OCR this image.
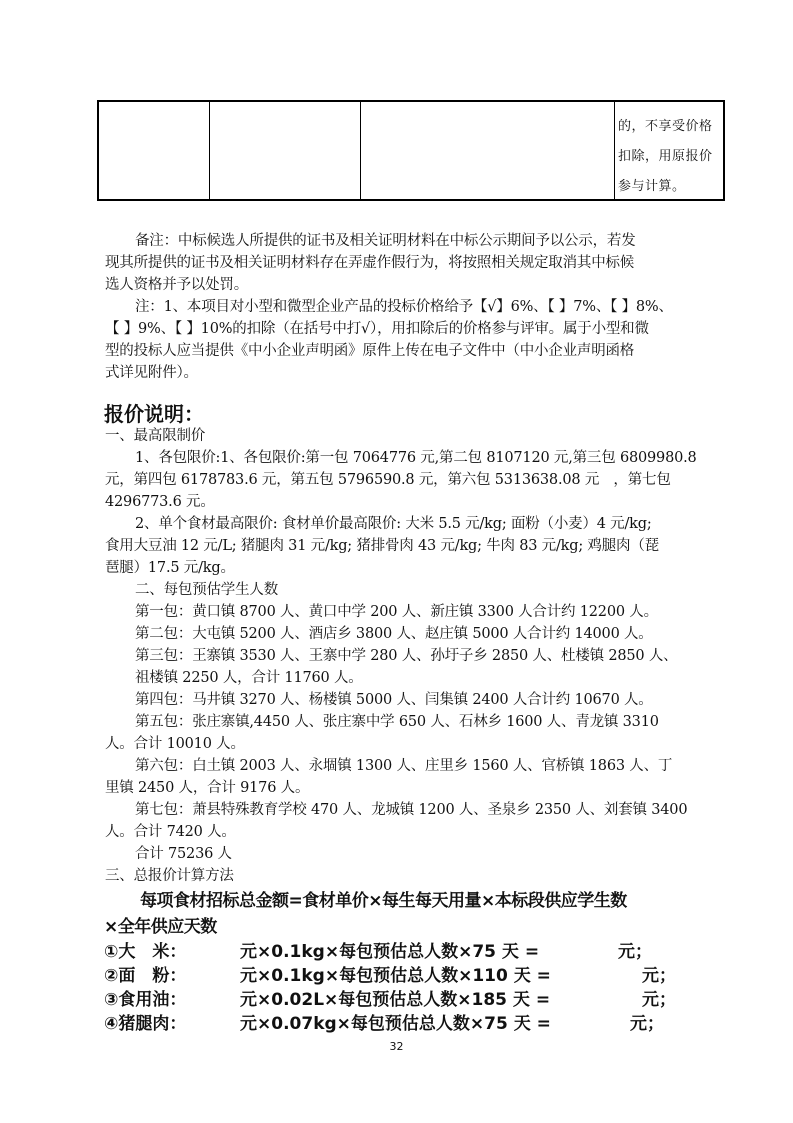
的，不享受价格
扣除，用原报价
参与计算。
备注：中标候选人所提供的证书及相关证明材料在中标公示期间予以公示，若发
现其所提供的证书及相关证明材料存在弄虚作假行为，将按照相关规定取消其中标候
选人资格并予以处罚。
注：1、本项目对小型和微型企业产品的投标价格给予【√】6%、【 】7%、【 】8%、
【 】9%、【 】10%的扣除（在括号中打√），用扣除后的价格参与评审。属于小型和微
型的投标人应当提供《中小企业声明函》原件上传在电子文件中（中小企业声明函格
式详见附件）。
报价说明：
一、最高限制价
1、各包限价:1、各包限价:第一包 7064776 元,第二包 8107120 元,第三包 6809980.8
元，第四包 6178783.6 元，第五包 5796590.8 元，第六包 5313638.08 元　，第七包
4296773.6 元。
2、单个食材最高限价: 食材单价最高限价: 大米 5.5 元/kg; 面粉（小麦）4 元/kg;
食用大豆油 12 元/L; 猪腿肉 31 元/kg; 猪排骨肉 43 元/kg; 牛肉 83 元/kg; 鸡腿肉（琵
琶腿）17.5 元/kg。
二、每包预估学生人数
第一包：黄口镇 8700 人、黄口中学 200 人、新庄镇 3300 人合计约 12200 人。
第二包：大屯镇 5200 人、酒店乡 3800 人、赵庄镇 5000 人合计约 14000 人。
第三包：王寨镇 3530 人、王寨中学 280 人、孙圩子乡 2850 人、杜楼镇 2850 人、
祖楼镇 2250 人，合计 11760 人。
第四包：马井镇 3270 人、杨楼镇 5000 人、闫集镇 2400 人合计约 10670 人。
第五包：张庄寨镇,4450 人、张庄寨中学 650 人、石林乡 1600 人、青龙镇 3310
人。合计 10010 人。
第六包：白土镇 2003 人、永堌镇 1300 人、庄里乡 1560 人、官桥镇 1863 人、丁
里镇 2450 人，合计 9176 人。
第七包：萧县特殊教育学校 470 人、龙城镇 1200 人、圣泉乡 2350 人、刘套镇 3400
人。合计 7420 人。
合计 75236 人
三、总报价计算方法
每项食材招标总金额=食材单价×每生每天用量×本标段供应学生数
×全年供应天数
①大　米：	元×0.1kg×每包预估总人数×75 天 =	元；
②面　粉：	元×0.1kg×每包预估总人数×110 天 =	元；
③食用油：	元×0.02L×每包预估总人数×185 天 =	元；
④猪腿肉：	元×0.07kg×每包预估总人数×75 天 =	元；
32
